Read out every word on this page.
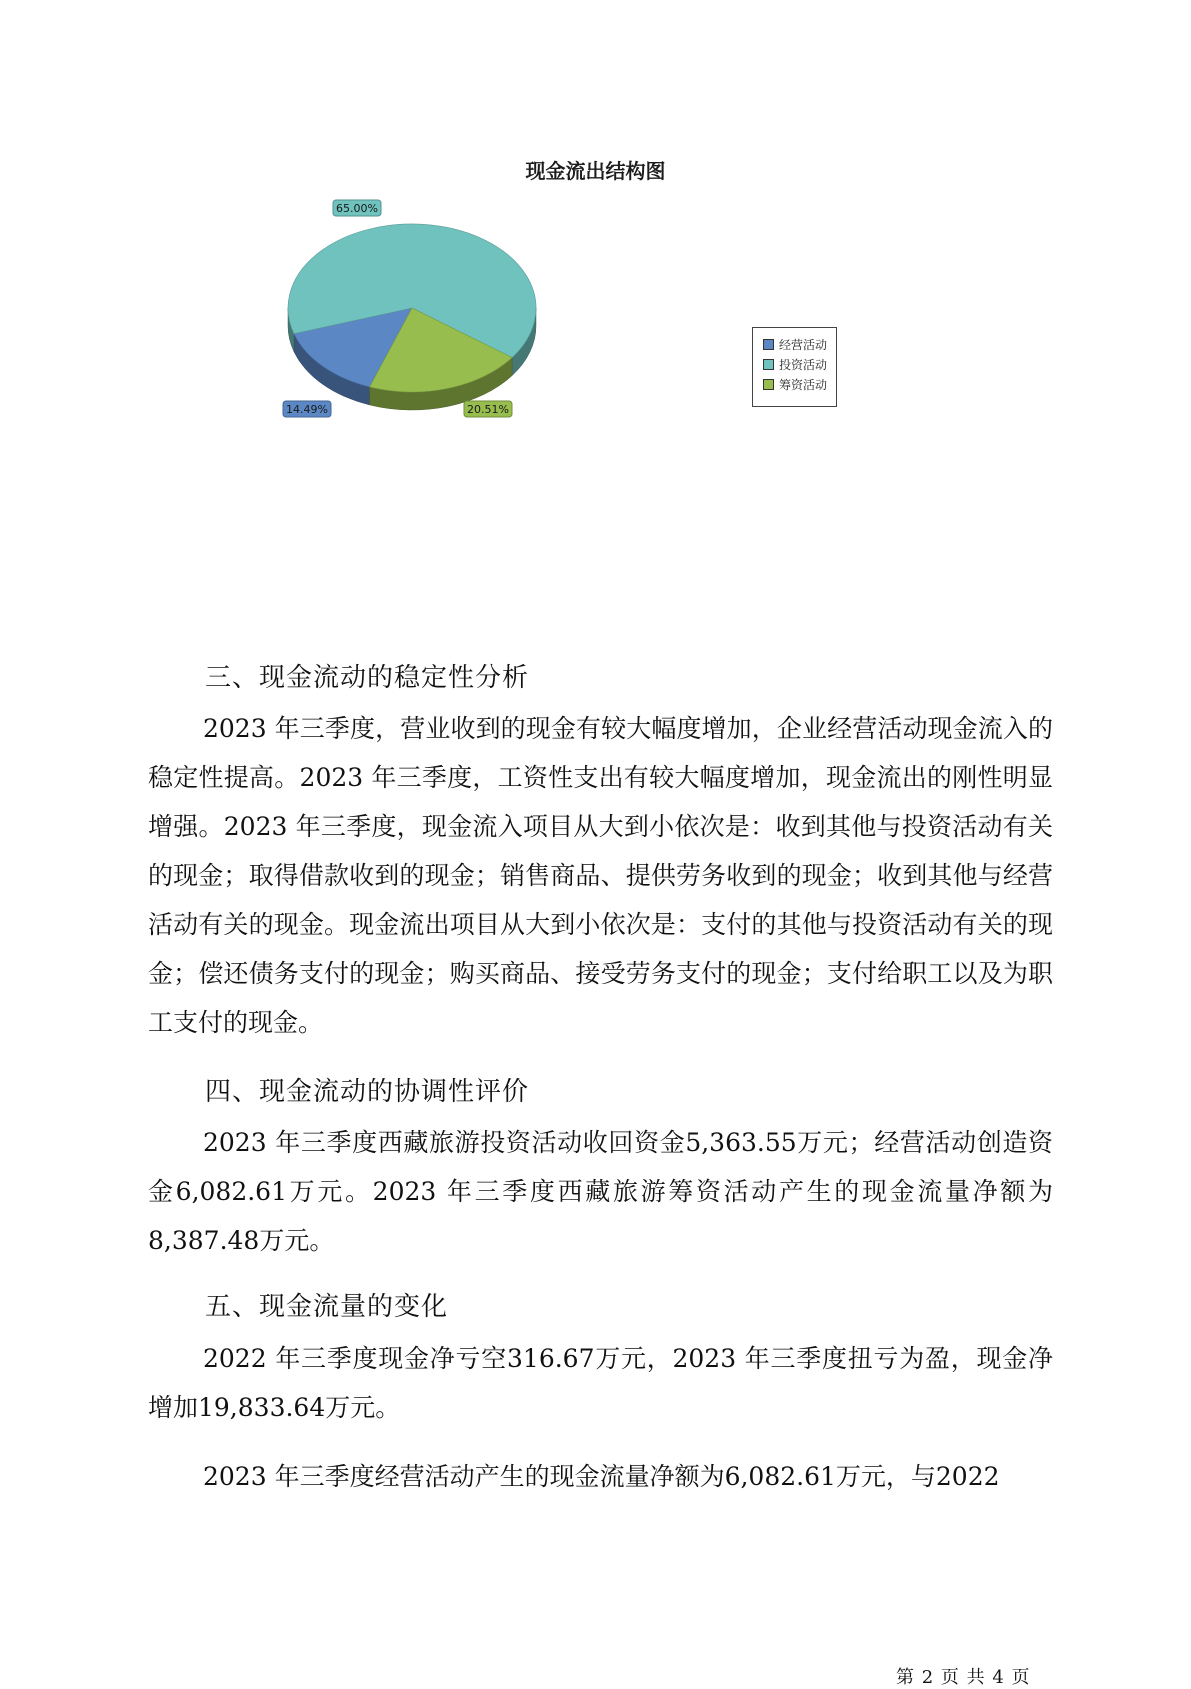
现金流出结构图
14.49%
65.00%
20.51%
经营活动
投资活动
筹资活动
三、现金流动的稳定性分析
2023 年三季度，营业收到的现金有较大幅度增加，企业经营活动现金流入的稳定性提高。2023 年三季度，工资性支出有较大幅度增加，现金流出的刚性明显增强。2023 年三季度，现金流入项目从大到小依次是：收到其他与投资活动有关的现金；取得借款收到的现金；销售商品、提供劳务收到的现金；收到其他与经营活动有关的现金。现金流出项目从大到小依次是：支付的其他与投资活动有关的现金；偿还债务支付的现金；购买商品、接受劳务支付的现金；支付给职工以及为职工支付的现金。
四、现金流动的协调性评价
2023 年三季度西藏旅游投资活动收回资金5,363.55万元；经营活动创造资金6,082.61万元。2023 年三季度西藏旅游筹资活动产生的现金流量净额为8,387.48万元。
五、现金流量的变化
2022 年三季度现金净亏空316.67万元，2023 年三季度扭亏为盈，现金净增加19,833.64万元。
2023 年三季度经营活动产生的现金流量净额为6,082.61万元，与2022
第 2 页 共 4 页
